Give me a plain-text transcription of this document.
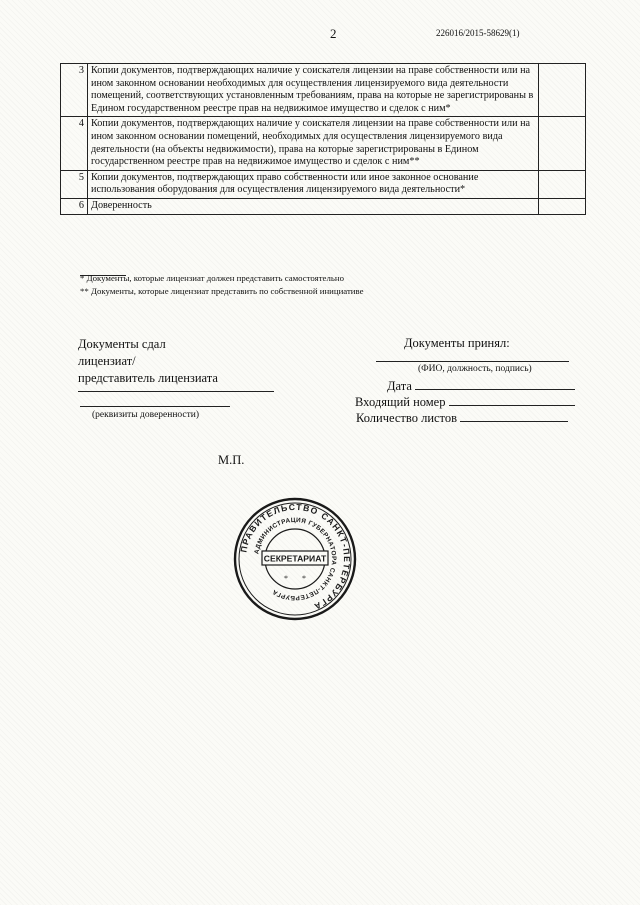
2	226016/2015-58629(1)
3	Копии документов, подтверждающих наличие у соискателя лицензии на праве собственности или на ином законном основании необходимых для осуществления лицензируемого вида деятельности помещений, соответствующих установленным требованиям, права на которые не зарегистрированы в Едином государственном реестре прав на недвижимое имущество и сделок с ним*	
4	Копии документов, подтверждающих наличие у соискателя лицензии на праве собственности или на ином законном основании помещений, необходимых для осуществления лицензируемого вида деятельности (на объекты недвижимости), права на которые зарегистрированы в Едином государственном реестре прав на недвижимое имущество и сделок с ним**	
5	Копии документов, подтверждающих право собственности или иное законное основание использования оборудования для осуществления лицензируемого вида деятельности*	
6	Доверенность	
* Документы, которые лицензиат должен представить самостоятельно
** Документы, которые лицензиат представить по собственной инициативе
Документы сдал
лицензиат/
представитель лицензиата
(реквизиты доверенности)
М.П.
Документы принял:
(ФИО, должность, подпись)
Дата
Входящий номер
Количество листов
ПРАВИТЕЛЬСТВО САНКТ-ПЕТЕРБУРГА
АДМИНИСТРАЦИЯ ГУБЕРНАТОРА САНКТ-ПЕТЕРБУРГА
СЕКРЕТАРИАТ
* *
